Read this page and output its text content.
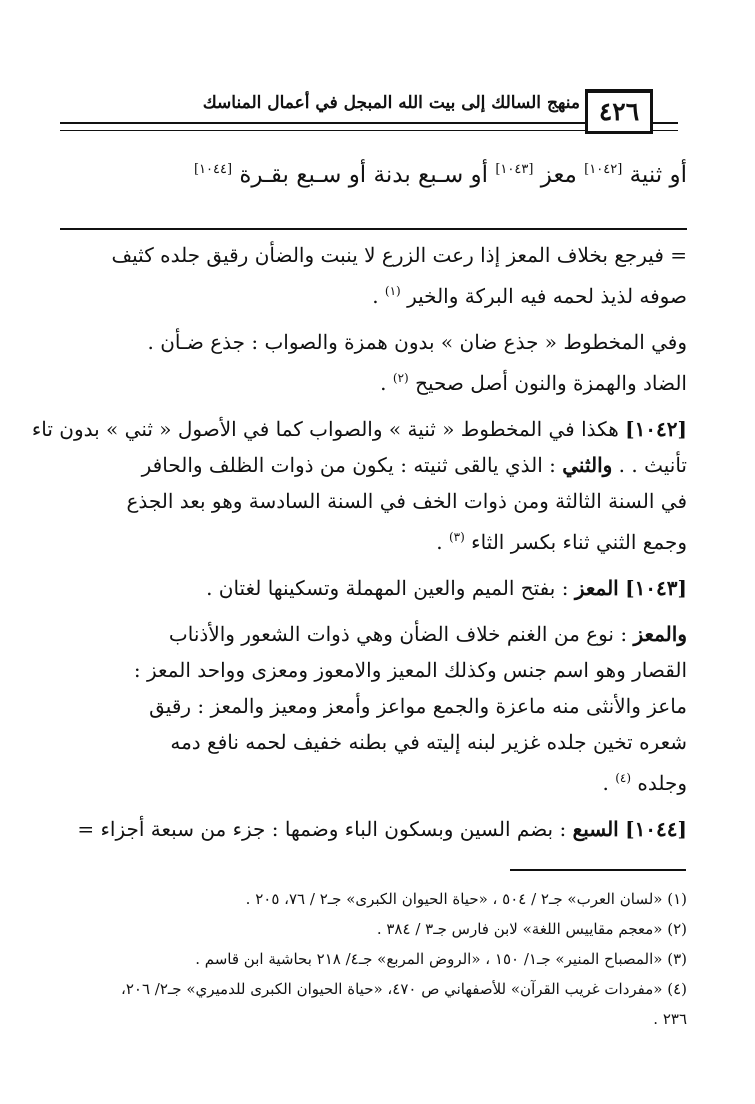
منهج السالك إلى بيت الله المبجل في أعمال المناسك ٤٢٦
أو ثنية [١٠٤٢] معز [١٠٤٣] أو سـبع بدنة أو سـبع بقـرة [١٠٤٤]
= فيرجع بخلاف المعز إذا رعت الزرع لا ينبت والضأن رقيق جلده كثيف
صوفه لذيذ لحمه فيه البركة والخير $^{(١)}$ .
وفي المخطوط « جذع ضان » بدون همزة والصواب : جذع ضـأن .
الضاد والهمزة والنون أصل صحيح $^{(٢)}$ .
[١٠٤٢] هكذا في المخطوط « ثنية » والصواب كما في الأصول « ثني » بدون تاء
تأنيث . . والثني : الذي يالقى ثنيته : يكون من ذوات الظلف والحافر
في السنة الثالثة ومن ذوات الخف في السنة السادسة وهو بعد الجذع
وجمع الثني ثناء بكسر الثاء $^{(٣)}$ .
[١٠٤٣] المعز : بفتح الميم والعين المهملة وتسكينها لغتان .
والمعز : نوع من الغنم خلاف الضأن وهي ذوات الشعور والأذناب
القصار وهو اسم جنس وكذلك المعيز والامعوز ومعزى وواحد المعز :
ماعز والأنثى منه ماعزة والجمع مواعز وأمعز ومعيز والمعز : رقيق
شعره تخين جلده غزير لبنه إليته في بطنه خفيف لحمه نافع دمه
وجلده $^{(٤)}$ .
[١٠٤٤] السبع : بضم السين وبسكون الباء وضمها : جزء من سبعة أجزاء =
(١) «لسان العرب» جـ٢ / ٥٠٤ ، «حياة الحيوان الكبرى» جـ٢ / ٧٦، ٢٠٥ .
(٢) «معجم مقاييس اللغة» لابن فارس جـ٣ / ٣٨٤ .
(٣) «المصباح المنير» جـ١/ ١٥٠ ، «الروض المربع» جـ٤/ ٢١٨ بحاشية ابن قاسم .
(٤) «مفردات غريب القرآن» للأصفهاني ص ٤٧٠، «حياة الحيوان الكبرى للدميري» جـ٢/ ٢٠٦،
٢٣٦ .
